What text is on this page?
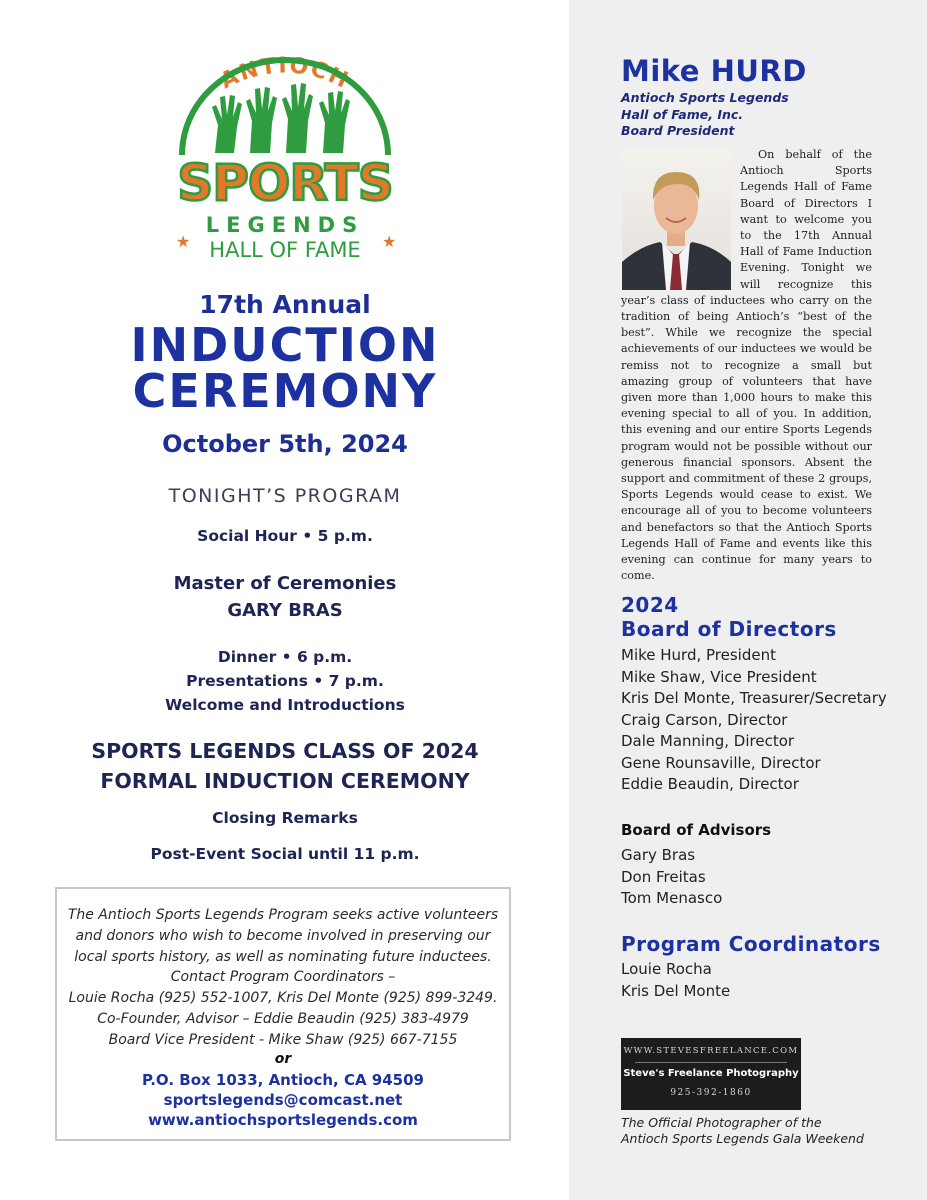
ANTIOCH
SPORTS
LEGENDS
HALL OF FAME
★	★
17th Annual
INDUCTION
CEREMONY
October 5th, 2024
TONIGHT’S PROGRAM
Social Hour • 5 p.m.
Master of Ceremonies
GARY BRAS
Dinner • 6 p.m.
Presentations • 7 p.m.
Welcome and Introductions
SPORTS LEGENDS CLASS OF 2024
FORMAL INDUCTION CEREMONY
Closing Remarks
Post-Event Social until 11 p.m.
The Antioch Sports Legends Program seeks active volunteers
and donors who wish to become involved in preserving our
local sports history, as well as nominating future inductees.
Contact Program Coordinators –
Louie Rocha (925) 552-1007, Kris Del Monte (925) 899-3249.
Co-Founder, Advisor – Eddie Beaudin (925) 383-4979
Board Vice President - Mike Shaw (925) 667-7155
or
P.O. Box 1033, Antioch, CA 94509
sportslegends@comcast.net
www.antiochsportslegends.com
Mike HURD
Antioch Sports Legends
Hall of Fame, Inc.
Board President
On behalf of the Antioch Sports Legends Hall of Fame Board of Directors I want to welcome you to the 17th Annual Hall of Fame Induction Evening. Tonight we will recognize this year’s class of inductees who carry on the tradition of being Antioch’s “best of the best”. While we recognize the special achievements of our inductees we would be remiss not to recognize a small but amazing group of volunteers that have given more than 1,000 hours to make this evening special to all of you. In addition, this evening and our entire Sports Legends program would not be possible without our generous financial sponsors. Absent the support and commitment of these 2 groups, Sports Legends would cease to exist. We encourage all of you to become volunteers and benefactors so that the Antioch Sports Legends Hall of Fame and events like this evening can continue for many years to come.
2024
Board of Directors
Mike Hurd, President
Mike Shaw, Vice President
Kris Del Monte, Treasurer/Secretary
Craig Carson, Director
Dale Manning, Director
Gene Rounsaville, Director
Eddie Beaudin, Director
Board of Advisors
Gary Bras
Don Freitas
Tom Menasco
Program Coordinators
Louie Rocha
Kris Del Monte
WWW.STEVESFREELANCE.COM
Steve's Freelance Photography
925-392-1860
The Official Photographer of the
Antioch Sports Legends Gala Weekend
